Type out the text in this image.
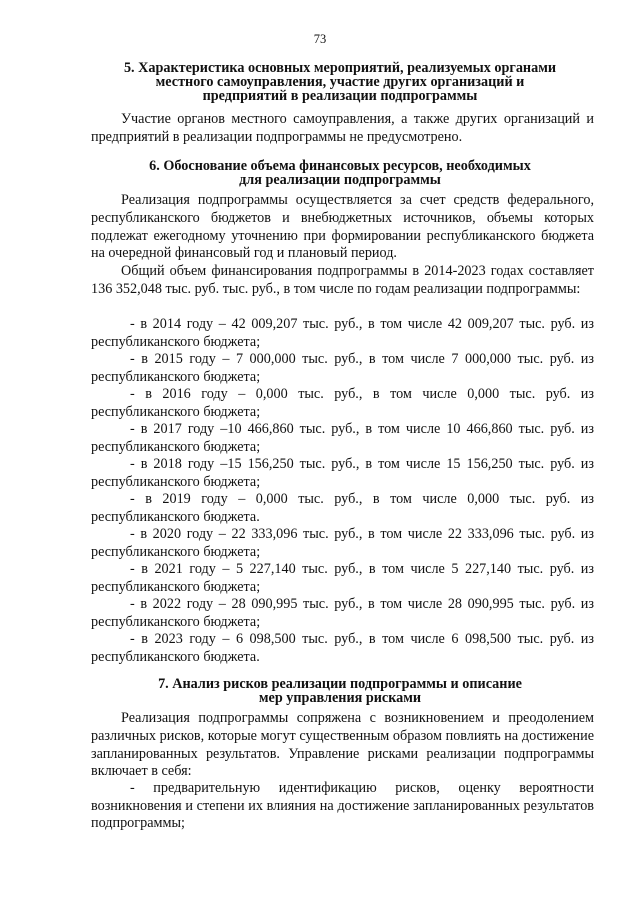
73
5. Характеристика основных мероприятий, реализуемых органами
местного самоуправления, участие других организаций и
предприятий в реализации подпрограммы

Участие органов местного самоуправления, а также других организаций и предприятий в реализации подпрограммы не предусмотрено.

6. Обоснование объема финансовых ресурсов, необходимых
для реализации подпрограммы

Реализация подпрограммы осуществляется за счет средств федерального, республиканского бюджетов и внебюджетных источников, объемы которых подлежат ежегодному уточнению при формировании республиканского бюджета на очередной финансовый год и плановый период.

Общий объем финансирования подпрограммы в 2014-2023 годах составляет 136 352,048 тыс. руб. тыс. руб., в том числе по годам реализации подпрограммы:

- в 2014 году – 42 009,207 тыс. руб., в том числе 42 009,207 тыс. руб. из республиканского бюджета;

- в 2015 году – 7 000,000 тыс. руб., в том числе 7 000,000 тыс. руб. из республиканского бюджета;

- в 2016 году – 0,000 тыс. руб., в том числе 0,000 тыс. руб. из республиканского бюджета;

- в 2017 году –10 466,860 тыс. руб., в том числе 10 466,860 тыс. руб. из республиканского бюджета;

- в 2018 году –15 156,250 тыс. руб., в том числе 15 156,250 тыс. руб. из республиканского бюджета;

- в 2019 году – 0,000 тыс. руб., в том числе 0,000 тыс. руб. из республиканского бюджета.

- в 2020 году – 22 333,096 тыс. руб., в том числе 22 333,096 тыс. руб. из республиканского бюджета;

- в 2021 году – 5 227,140 тыс. руб., в том числе 5 227,140 тыс. руб. из республиканского бюджета;

- в 2022 году – 28 090,995 тыс. руб., в том числе 28 090,995 тыс. руб. из республиканского бюджета;

- в 2023 году – 6 098,500 тыс. руб., в том числе 6 098,500 тыс. руб. из республиканского бюджета.

7. Анализ рисков реализации подпрограммы и описание
мер управления рисками

Реализация подпрограммы сопряжена с возникновением и преодолением различных рисков, которые могут существенным образом повлиять на достижение запланированных результатов. Управление рисками реализации подпрограммы включает в себя:

- предварительную идентификацию рисков, оценку вероятности возникновения и степени их влияния на достижение запланированных результатов подпрограммы;
